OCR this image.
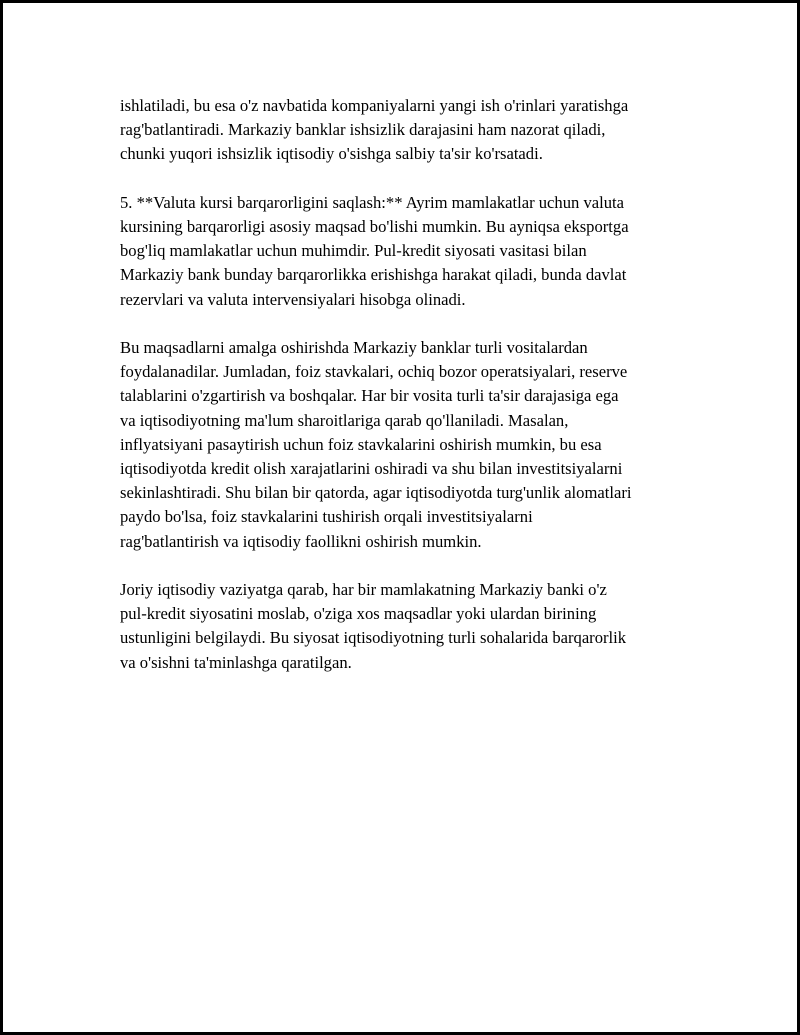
ishlatiladi, bu esa o'z navbatida kompaniyalarni yangi ish o'rinlari yaratishga
rag'batlantiradi. Markaziy banklar ishsizlik darajasini ham nazorat qiladi,
chunki yuqori ishsizlik iqtisodiy o'sishga salbiy ta'sir ko'rsatadi.

5. **Valuta kursi barqarorligini saqlash:** Ayrim mamlakatlar uchun valuta
kursining barqarorligi asosiy maqsad bo'lishi mumkin. Bu ayniqsa eksportga
bog'liq mamlakatlar uchun muhimdir. Pul-kredit siyosati vasitasi bilan
Markaziy bank bunday barqarorlikka erishishga harakat qiladi, bunda davlat
rezervlari va valuta intervensiyalari hisobga olinadi.

Bu maqsadlarni amalga oshirishda Markaziy banklar turli vositalardan
foydalanadilar. Jumladan, foiz stavkalari, ochiq bozor operatsiyalari, reserve
talablarini o'zgartirish va boshqalar. Har bir vosita turli ta'sir darajasiga ega
va iqtisodiyotning ma'lum sharoitlariga qarab qo'llaniladi. Masalan,
inflyatsiyani pasaytirish uchun foiz stavkalarini oshirish mumkin, bu esa
iqtisodiyotda kredit olish xarajatlarini oshiradi va shu bilan investitsiyalarni
sekinlashtiradi. Shu bilan bir qatorda, agar iqtisodiyotda turg'unlik alomatlari
paydo bo'lsa, foiz stavkalarini tushirish orqali investitsiyalarni
rag'batlantirish va iqtisodiy faollikni oshirish mumkin.

Joriy iqtisodiy vaziyatga qarab, har bir mamlakatning Markaziy banki o'z
pul-kredit siyosatini moslab, o'ziga xos maqsadlar yoki ulardan birining
ustunligini belgilaydi. Bu siyosat iqtisodiyotning turli sohalarida barqarorlik
va o'sishni ta'minlashga qaratilgan.
